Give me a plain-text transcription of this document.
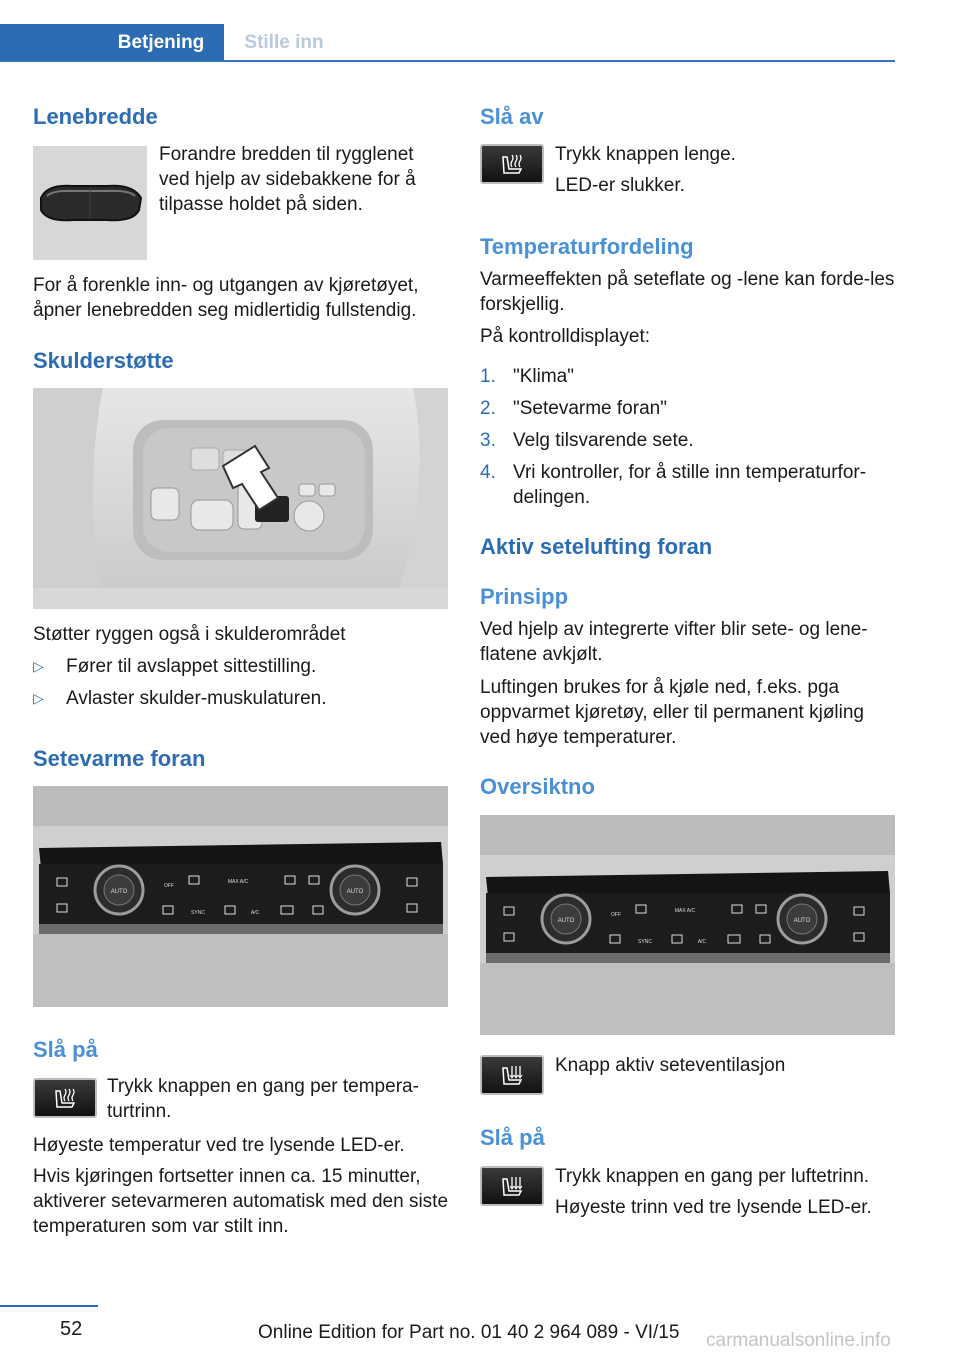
Betjening	Stille inn
Lenebredde

Forandre bredden til rygglenet ved hjelp av sidebakkene for å tilpasse holdet på siden.

For å forenkle inn- og utgangen av kjøretøyet, åpner lenebredden seg midlertidig fullstendig.

Skulderstøtte

Støtter ryggen også i skulderområdet

▷ Fører til avslappet sittestilling.
▷ Avlaster skulder-muskulaturen.
Setevarme foran
AUTO	AUTO
OFF
MAX A/C
SYNC	A/C
Slå på

Trykk knappen en gang per tempera-turtrinn.

Høyeste temperatur ved tre lysende LED-er.

Hvis kjøringen fortsetter innen ca. 15 minutter, aktiverer setevarmeren automatisk med den siste temperaturen som var stilt inn.

Slå av

Trykk knappen lenge.

LED-er slukker.

Temperaturfordeling

Varmeeffekten på seteflate og -lene kan forde-les forskjellig.

På kontrolldisplayet:

1. "Klima"
2. "Setevarme foran"
3. Velg tilsvarende sete.
4. Vri kontroller, for å stille inn temperaturfor-delingen.
Aktiv setelufting foran
Prinsipp

Ved hjelp av integrerte vifter blir sete- og lene-flatene avkjølt.

Luftingen brukes for å kjøle ned, f.eks. pga oppvarmet kjøretøy, eller til permanent kjøling ved høye temperaturer.

Oversiktno
AUTO	AUTO
OFF
MAX A/C
SYNC	A/C

Knapp aktiv seteventilasjon

Slå på

Trykk knappen en gang per luftetrinn.

Høyeste trinn ved tre lysende LED-er.

52	Online Edition for Part no. 01 40 2 964 089 - VI/15 carmanualsonline.info
